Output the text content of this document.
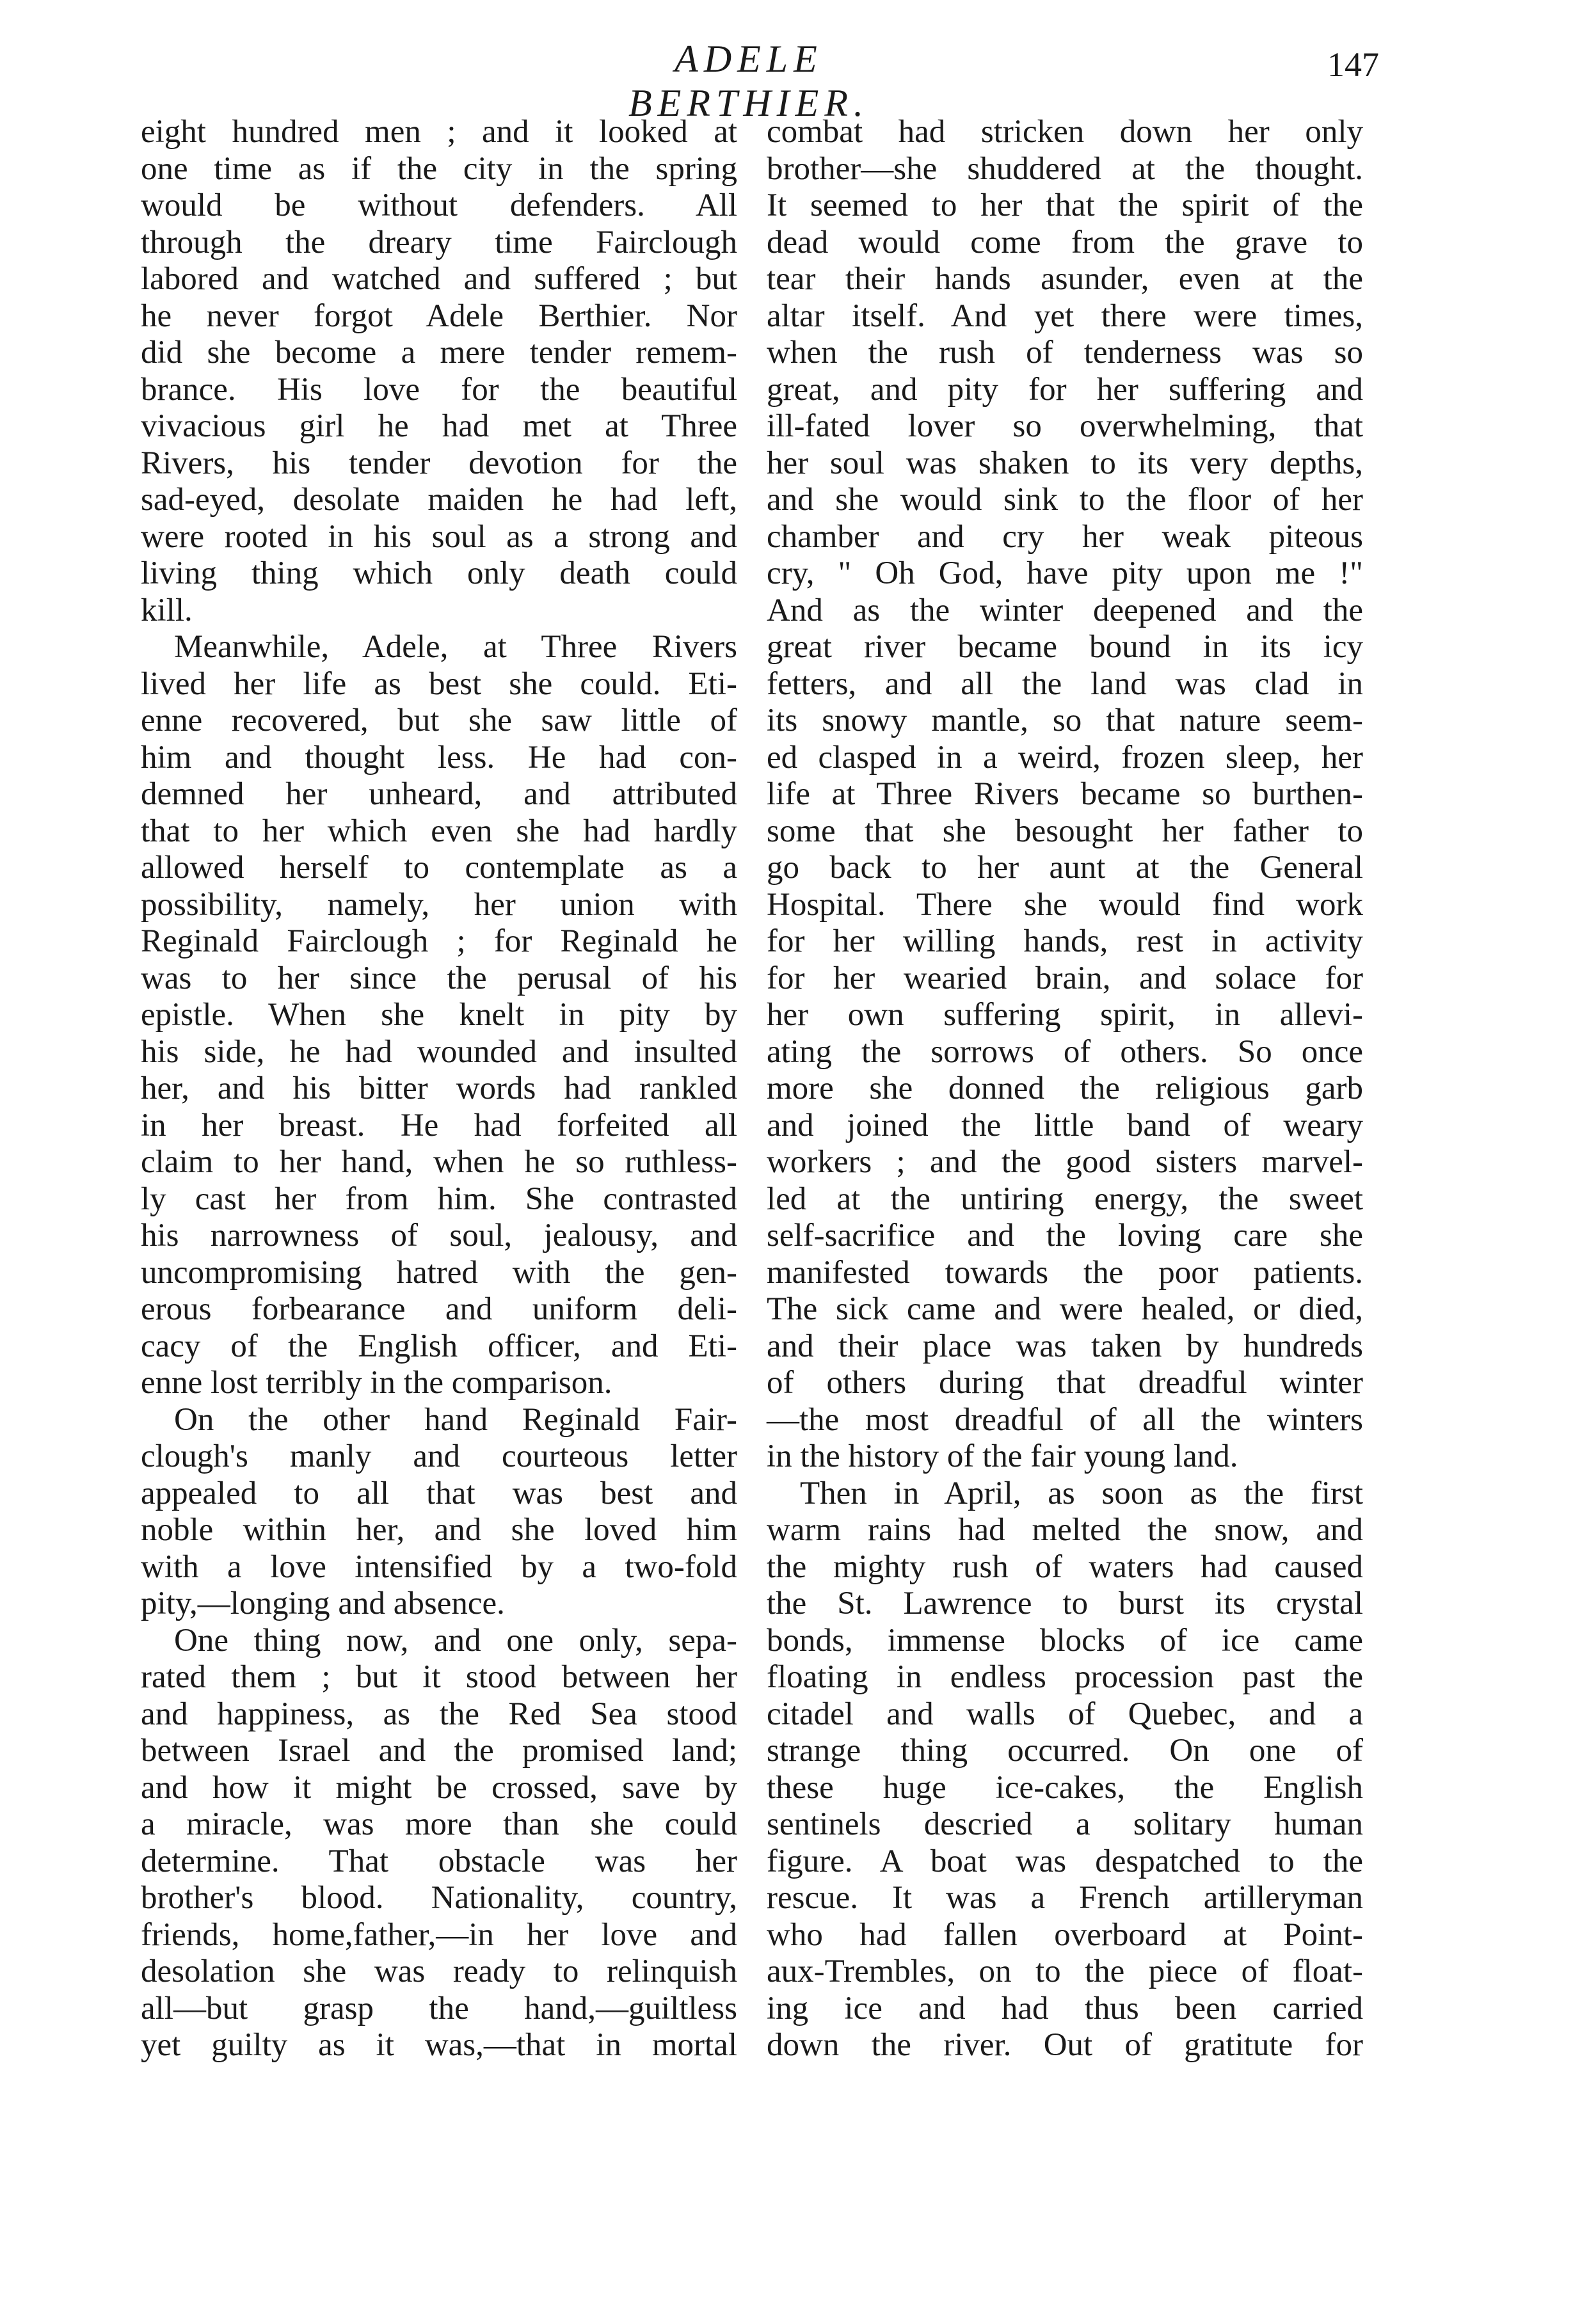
ADELE BERTHIER.
147
eight hundred men ; and it looked at
one time as if the city in the spring
would be without defenders. All
through the dreary time Fairclough
labored and watched and suffered ; but
he never forgot Adele Berthier. Nor
did she become a mere tender remem-
brance. His love for the beautiful
vivacious girl he had met at Three
Rivers, his tender devotion for the
sad-eyed, desolate maiden he had left,
were rooted in his soul as a strong and
living thing which only death could
kill.
Meanwhile, Adele, at Three Rivers
lived her life as best she could. Eti-
enne recovered, but she saw little of
him and thought less. He had con-
demned her unheard, and attributed
that to her which even she had hardly
allowed herself to contemplate as a
possibility, namely, her union with
Reginald Fairclough ; for Reginald he
was to her since the perusal of his
epistle. When she knelt in pity by
his side, he had wounded and insulted
her, and his bitter words had rankled
in her breast. He had forfeited all
claim to her hand, when he so ruthless-
ly cast her from him. She contrasted
his narrowness of soul, jealousy, and
uncompromising hatred with the gen-
erous forbearance and uniform deli-
cacy of the English officer, and Eti-
enne lost terribly in the comparison.
On the other hand Reginald Fair-
clough's manly and courteous letter
appealed to all that was best and
noble within her, and she loved him
with a love intensified by a two-fold
pity,—longing and absence.
One thing now, and one only, sepa-
rated them ; but it stood between her
and happiness, as the Red Sea stood
between Israel and the promised land;
and how it might be crossed, save by
a miracle, was more than she could
determine. That obstacle was her
brother's blood. Nationality, country,
friends, home,father,—in her love and
desolation she was ready to relinquish
all—but grasp the hand,—guiltless
yet guilty as it was,—that in mortal
combat had stricken down her only
brother—she shuddered at the thought.
It seemed to her that the spirit of the
dead would come from the grave to
tear their hands asunder, even at the
altar itself. And yet there were times,
when the rush of tenderness was so
great, and pity for her suffering and
ill-fated lover so overwhelming, that
her soul was shaken to its very depths,
and she would sink to the floor of her
chamber and cry her weak piteous
cry, " Oh God, have pity upon me !"
And as the winter deepened and the
great river became bound in its icy
fetters, and all the land was clad in
its snowy mantle, so that nature seem-
ed clasped in a weird, frozen sleep, her
life at Three Rivers became so burthen-
some that she besought her father to
go back to her aunt at the General
Hospital. There she would find work
for her willing hands, rest in activity
for her wearied brain, and solace for
her own suffering spirit, in allevi-
ating the sorrows of others. So once
more she donned the religious garb
and joined the little band of weary
workers ; and the good sisters marvel-
led at the untiring energy, the sweet
self-sacrifice and the loving care she
manifested towards the poor patients.
The sick came and were healed, or died,
and their place was taken by hundreds
of others during that dreadful winter
—the most dreadful of all the winters
in the history of the fair young land.
Then in April, as soon as the first
warm rains had melted the snow, and
the mighty rush of waters had caused
the St. Lawrence to burst its crystal
bonds, immense blocks of ice came
floating in endless procession past the
citadel and walls of Quebec, and a
strange thing occurred. On one of
these huge ice-cakes, the English
sentinels descried a solitary human
figure. A boat was despatched to the
rescue. It was a French artilleryman
who had fallen overboard at Point-
aux-Trembles, on to the piece of float-
ing ice and had thus been carried
down the river. Out of gratitute for
